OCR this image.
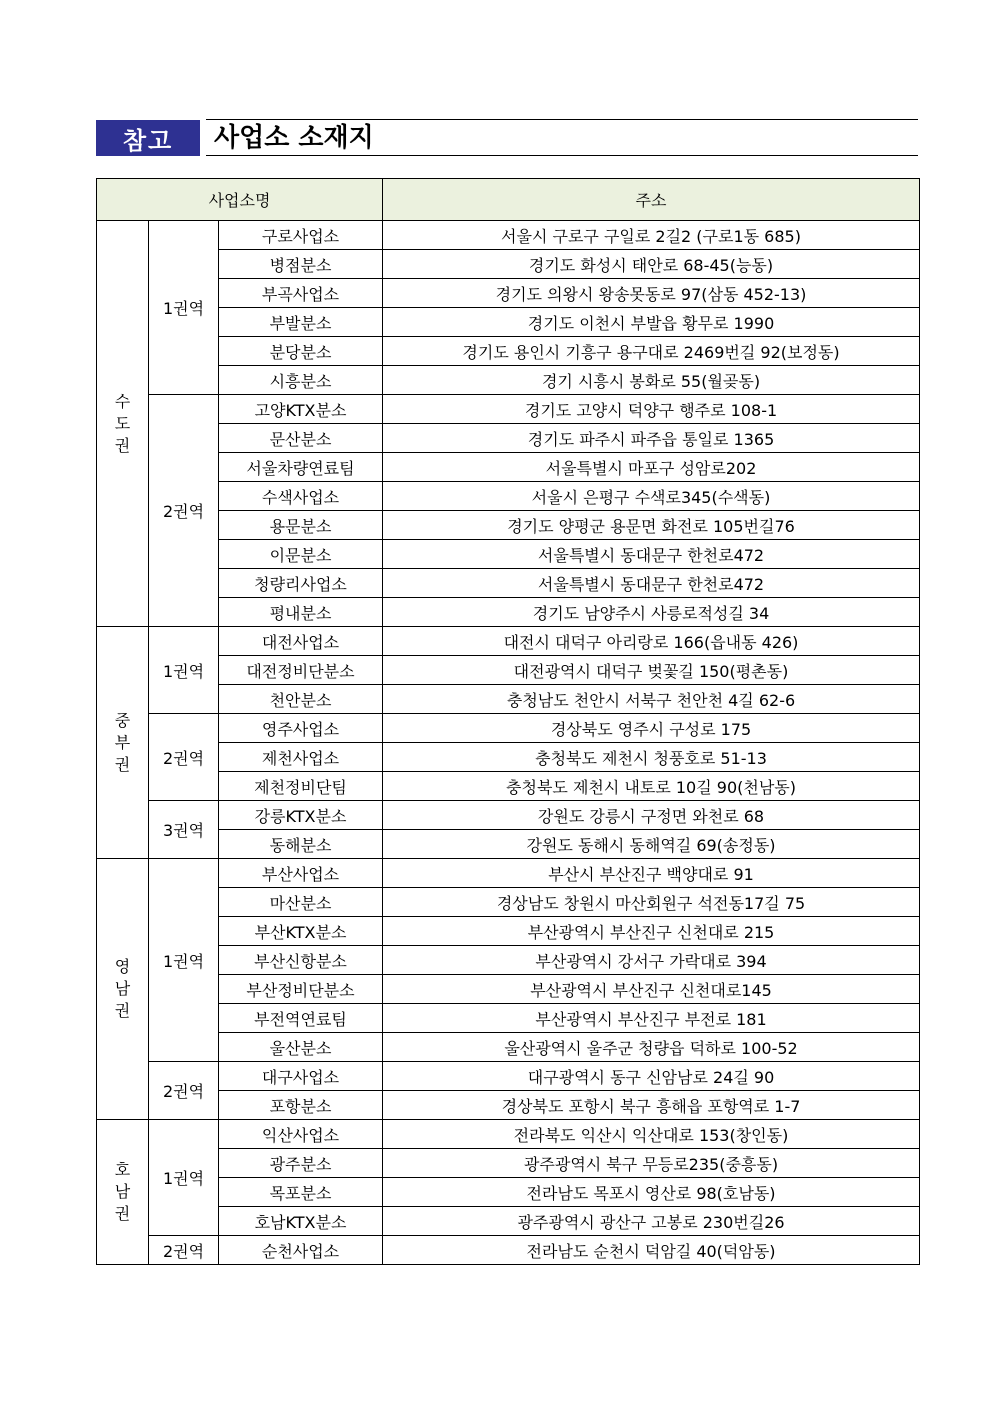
참고	사업소 소재지
사업소명			주소

수
도
권	1권역	구로사업소	서울시 구로구 구일로 2길2 (구로1동 685)
		병점분소	경기도 화성시 태안로 68-45(능동)
		부곡사업소	경기도 의왕시 왕송못동로 97(삼동 452-13)
		부발분소	경기도 이천시 부발읍 황무로 1990
		분당분소	경기도 용인시 기흥구 용구대로 2469번길 92(보정동)
		시흥분소	경기 시흥시 봉화로 55(월곶동)
	2권역	고양KTX분소	경기도 고양시 덕양구 행주로 108-1
		문산분소	경기도 파주시 파주읍 통일로 1365
		서울차량연료팀	서울특별시 마포구 성암로202
		수색사업소	서울시 은평구 수색로345(수색동)
		용문분소	경기도 양평군 용문면 화전로 105번길76
		이문분소	서울특별시 동대문구 한천로472
		청량리사업소	서울특별시 동대문구 한천로472
		평내분소	경기도 남양주시 사릉로적성길 34

중
부
권	1권역	대전사업소	대전시 대덕구 아리랑로 166(읍내동 426)
		대전정비단분소	대전광역시 대덕구 벚꽃길 150(평촌동)
		천안분소	충청남도 천안시 서북구 천안천 4길 62-6
	2권역	영주사업소	경상북도 영주시 구성로 175
		제천사업소	충청북도 제천시 청풍호로 51-13
		제천정비단팀	충청북도 제천시 내토로 10길 90(천남동)
	3권역	강릉KTX분소	강원도 강릉시 구정면 와천로 68
		동해분소	강원도 동해시 동해역길 69(송정동)

영
남
권	1권역	부산사업소	부산시 부산진구 백양대로 91
		마산분소	경상남도 창원시 마산회원구 석전동17길 75
		부산KTX분소	부산광역시 부산진구 신천대로 215
		부산신항분소	부산광역시 강서구 가락대로 394
		부산정비단분소	부산광역시 부산진구 신천대로145
		부전역연료팀	부산광역시 부산진구 부전로 181
		울산분소	울산광역시 울주군 청량읍 덕하로 100-52
	2권역	대구사업소	대구광역시 동구 신암남로 24길 90
		포항분소	경상북도 포항시 북구 흥해읍 포항역로 1-7

호
남
권	1권역	익산사업소	전라북도 익산시 익산대로 153(창인동)
		광주분소	광주광역시 북구 무등로235(중흥동)
		목포분소	전라남도 목포시 영산로 98(호남동)
		호남KTX분소	광주광역시 광산구 고봉로 230번길26
	2권역	순천사업소	전라남도 순천시 덕암길 40(덕암동)
